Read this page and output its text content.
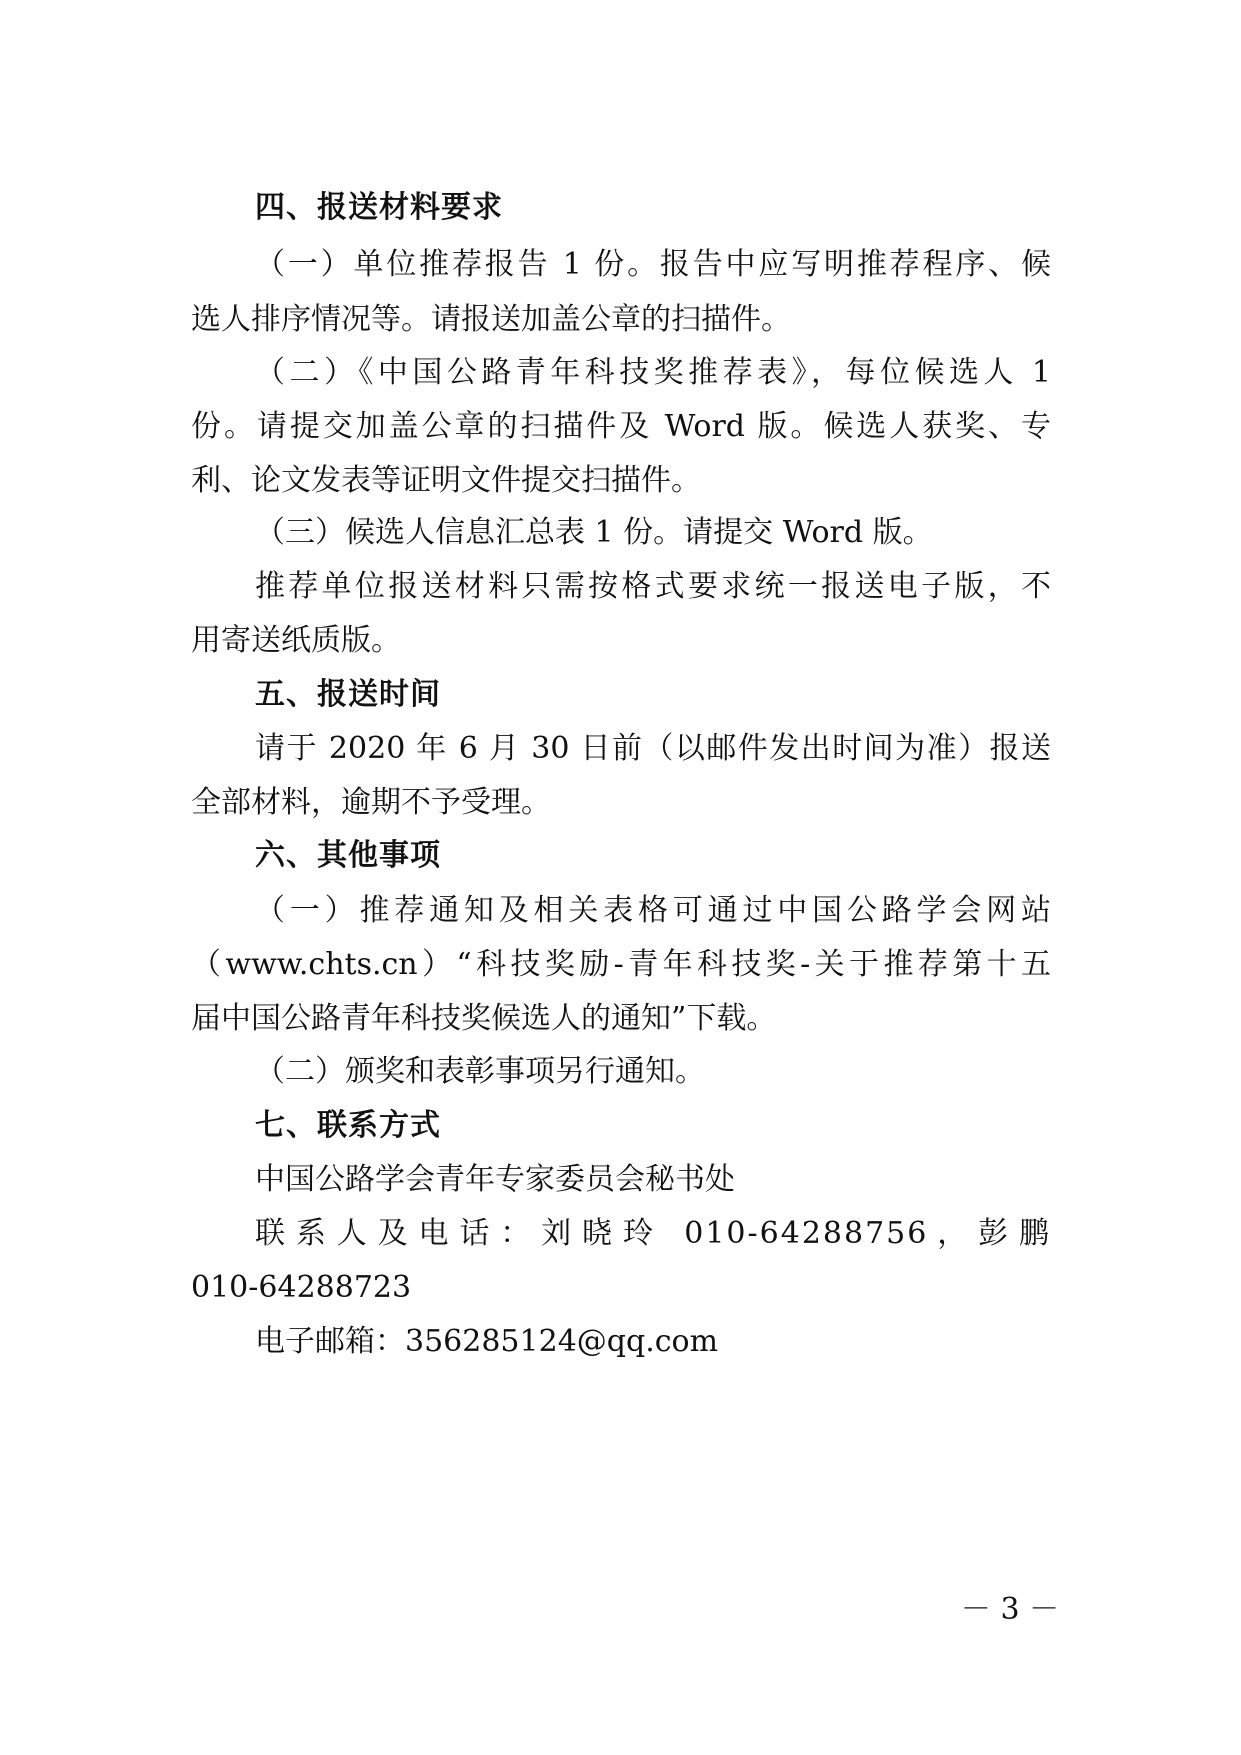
四、报送材料要求
（一）单位推荐报告 1 份。报告中应写明推荐程序、候
选人排序情况等。请报送加盖公章的扫描件。
（二）《中国公路青年科技奖推荐表》，每位候选人 1
份。请提交加盖公章的扫描件及 Word 版。候选人获奖、专
利、论文发表等证明文件提交扫描件。
（三）候选人信息汇总表 1 份。请提交 Word 版。
推荐单位报送材料只需按格式要求统一报送电子版，不
用寄送纸质版。
五、报送时间
请于 2020 年 6 月 30 日前（以邮件发出时间为准）报送
全部材料，逾期不予受理。
六、其他事项
（一）推荐通知及相关表格可通过中国公路学会网站
（www.chts.cn）“科技奖励-青年科技奖-关于推荐第十五
届中国公路青年科技奖候选人的通知”下载。
（二）颁奖和表彰事项另行通知。
七、联系方式
中国公路学会青年专家委员会秘书处
联系人及电话：刘晓玲 010-64288756，彭鹏
010-64288723
电子邮箱：356285124@qq.com
－ 3 －
